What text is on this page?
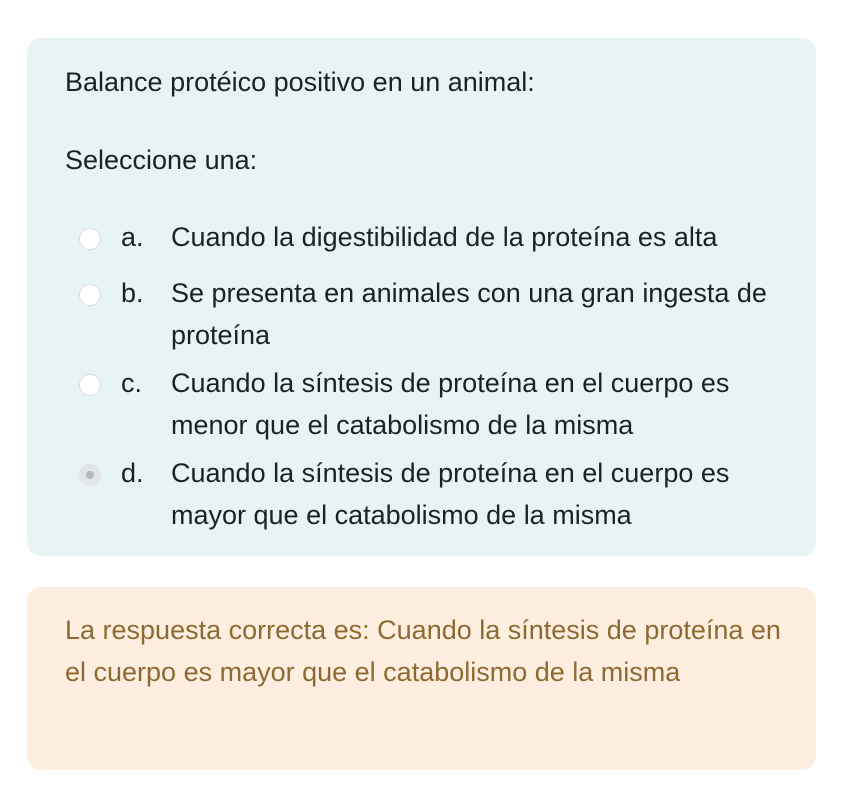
Balance protéico positivo en un animal:
Seleccione una:
a. Cuando la digestibilidad de la proteína es alta
b. Se presenta en animales con una gran ingesta de proteína
c. Cuando la síntesis de proteína en el cuerpo es menor que el catabolismo de la misma
d. Cuando la síntesis de proteína en el cuerpo es mayor que el catabolismo de la misma
La respuesta correcta es: Cuando la síntesis de proteína en el cuerpo es mayor que el catabolismo de la misma
